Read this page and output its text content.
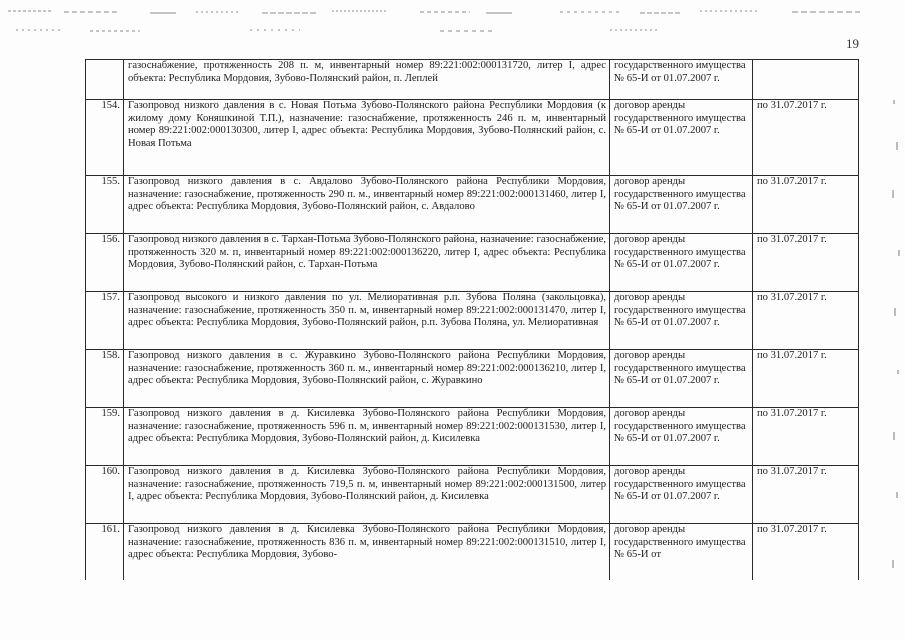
19
	газоснабжение, протяженность 208 п. м, инвентарный номер 89:221:002:000131720, литер I, адрес объекта: Республика Мордовия, Зубово-Полянский район, п. Леплей	государственного имущества № 65-И от 01.07.2007 г.	
154.	Газопровод низкого давления в с. Новая Потьма Зубово-Полянского района Республики Мордовия (к жилому дому Коняшкиной Т.П.), назначение: газоснабжение, протяженность 246 п. м, инвентарный номер 89:221:002:000130300, литер I, адрес объекта: Республика Мордовия, Зубово-Полянский район, с. Новая Потьма	договор аренды государственного имущества № 65-И от 01.07.2007 г.	по 31.07.2017 г.
155.	Газопровод низкого давления в с. Авдалово Зубово-Полянского района Республики Мордовия, назначение: газоснабжение, протяженность 290 п. м., инвентарный номер 89:221:002:000131460, литер I, адрес объекта: Республика Мордовия, Зубово-Полянский район, с. Авдалово	договор аренды государственного имущества № 65-И от 01.07.2007 г.	по 31.07.2017 г.
156.	Газопровод низкого давления в с. Тархан-Потьма Зубово-Полянского района, назначение: газоснабжение, протяженность 320 м. п, инвентарный номер 89:221:002:000136220, литер I, адрес объекта: Республика Мордовия, Зубово-Полянский район, с. Тархан-Потьма	договор аренды государственного имущества № 65-И от 01.07.2007 г.	по 31.07.2017 г.
157.	Газопровод высокого и низкого давления по ул. Мелиоративная р.п. Зубова Поляна (закольцовка), назначение: газоснабжение, протяженность 350 п. м, инвентарный номер 89:221:002:000131470, литер I, адрес объекта: Республика Мордовия, Зубово-Полянский район, р.п. Зубова Поляна, ул. Мелиоративная	договор аренды государственного имущества № 65-И от 01.07.2007 г.	по 31.07.2017 г.
158.	Газопровод низкого давления в с. Журавкино Зубово-Полянского района Республики Мордовия, назначение: газоснабжение, протяженность 360 п. м., инвентарный номер 89:221:002:000136210, литер I, адрес объекта: Республика Мордовия, Зубово-Полянский район, с. Журавкино	договор аренды государственного имущества № 65-И от 01.07.2007 г.	по 31.07.2017 г.
159.	Газопровод низкого давления в д. Кисилевка Зубово-Полянского района Республики Мордовия, назначение: газоснабжение, протяженность 596 п. м, инвентарный номер 89:221:002:000131530, литер I, адрес объекта: Республика Мордовия, Зубово-Полянский район, д. Кисилевка	договор аренды государственного имущества № 65-И от 01.07.2007 г.	по 31.07.2017 г.
160.	Газопровод низкого давления в д. Кисилевка Зубово-Полянского района Республики Мордовия, назначение: газоснабжение, протяженность 719,5 п. м, инвентарный номер 89:221:002:000131500, литер I, адрес объекта: Республика Мордовия, Зубово-Полянский район, д. Кисилевка	договор аренды государственного имущества № 65-И от 01.07.2007 г.	по 31.07.2017 г.
161.	Газопровод низкого давления в д. Кисилевка Зубово-Полянского района Республики Мордовия, назначение: газоснабжение, протяженность 836 п. м, инвентарный номер 89:221:002:000131510, литер I, адрес объекта: Республика Мордовия, Зубово-	договор аренды государственного имущества № 65-И от	по 31.07.2017 г.
